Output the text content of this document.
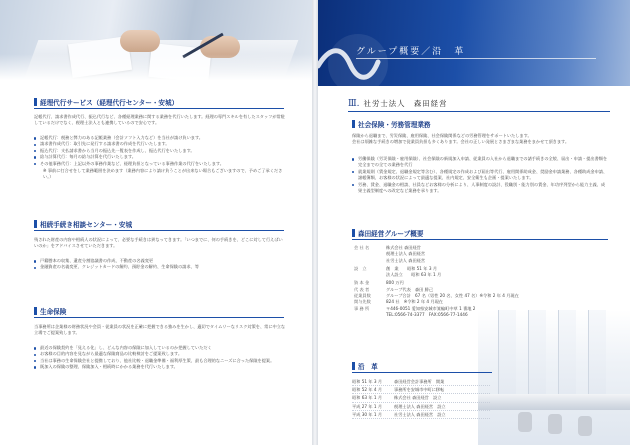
経理代行サービス（経理代行センター・安城）

記帳代行、請求書作成代行、振込代行など、各種経理業務に関する業務を代行いたします。経理の専門スキルを有したスタッフが常駐しているだけでなく、税理士法人とも連携しているので安心です。

記帳代行：税務と弊力のある記帳業務（会計ソフト入力など）を当社が請け負います。
請求書作成代行：取引先に発行する請求書の作成を代行いたします。
振込代行：支払請求書から当月の振込先一覧表を作成し、振込代行をいたします。
給与計算代行：毎月の給与計算を代行いたします。
その他事務代行：上記以外の事務作業など、経理負担となっている事務作業の代行をいたします。

※ 事前に打合せをして業務範囲を決めます（業務内容により請け負うことが出来ない場合もございますので、予めご了承ください。）

相続手続き相談センター・安城

残された財産の内容や相続人の状況によって、必要な手続きは異なってきます。「いつまでに、何の手続きを、どこに対して行えばいいのか」をアドバイスさせていただきます。

戸籍謄本の収集、遺産分割協議書の作成、不動産の名義変更
金融資産の名義変更、クレジットカードの解約、預貯金の解約、生命保険の請求、等
生命保険

当事務所は企業様の財務状況や会員・従業員の状況を正確に把握できる強みを生かし、適切でタイムリーなリスク対策を、常に中立な立場でご提案致します。

最近の保険契約を「見える化」し、どんな内容の保険に加入しているのか把握していただく
お客様の目的内容を見ながら最適な保険商品の比較検討をご提案致します。
当社は事務の生命保険会社と提携しており、他社比較・退職金準備・福利厚生策、最も合理的なニーズに合った保険を提案。
既加入の保険の整理、保険加入・相続時にかかる業務を代行いたします。
グループ概要／沿　革
Ⅲ. 社労士法人　森田経営
社会保険・労務管理業務

保険から退職まで、労災保険、雇用保険、社会保険関係などの労務管理をサポートいたします。
会社は煩雑な手続きの増加で従業員負担も多くあります。会社の正しい発展とさまざまな業務をまかせて頂きます。

労働保険（労災保険・雇用保険）、社会保険の新規加入申請、従業員の入社から退職までの諸手続きの全般、届出・申請・提出書類を完全までの全ての業務を代行
就業規則（賃金規定、退職金規定等含む）、各種規定の作成および届出等代行、雇用関係助成金、奨励金申請業務、各種助成金申請、諸帳簿類、お客様の状況によって最適な提案、社内規定、安全衛生も企画・提案いたします。
労務、賃金、退職金の相談、社員などお客様の分析により、人事制度の設計、役職別・能力別の賃金、年功序列型から能力主義、成果主義型制度への改定など業務を承ります。
森田経営グループ概要
会 社 名	株式会社 森田経営
税理士法人 森田経営
社労士法人 森田経営
設　立	創　業　　昭和 51 年 3 月
法人設立　　昭和 63 年 1 月
資 本 金	800 万円
代 表 者	グループ代表　森田 勝己
従業員数	グループ合計　67 名（男性 20 名、女性 47 名）※令和 2 年 4 月現在
関与先数	824 社　※令和 2 年 4 月現在
事 務 所	〒446-0051 愛知県安城市箕輪町中草 1 番地 2
TEL:0566-74-3377　FAX:0566-77-1446
沿　革
昭和 51 年 3 月	森田経営会計事務所　開業
昭和 52 年 4 月	事務所を安城市中町に移転
昭和 63 年 1 月	株式会社 森田経営　設立
平成 27 年 1 月	税理士法人 森田経営　設立
平成 30 年 1 月	社労士法人 森田経営　設立
